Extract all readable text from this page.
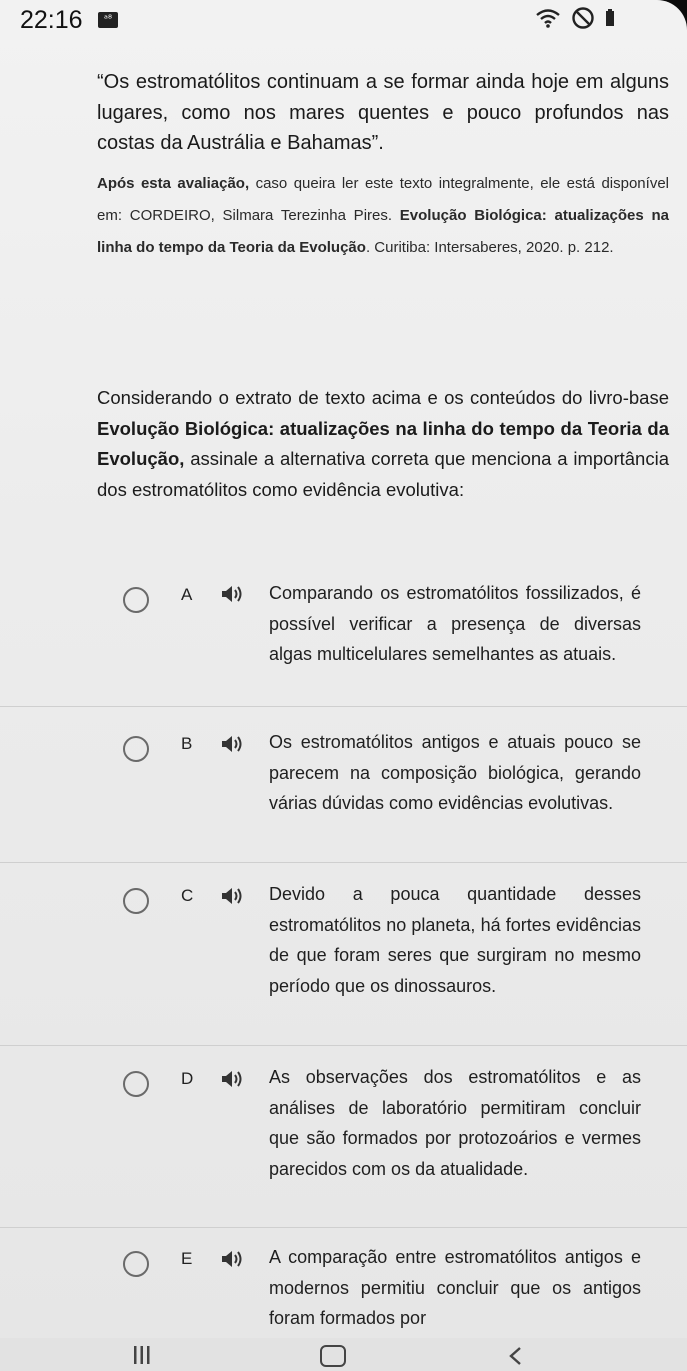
22:16	ᵃ⁸
“Os estromatólitos continuam a se formar ainda hoje em alguns lugares, como nos mares quentes e pouco profundos nas costas da Austrália e Bahamas”.
Após esta avaliação, caso queira ler este texto integralmente, ele está disponível em: CORDEIRO, Silmara Terezinha Pires. Evolução Biológica: atualizações na linha do tempo da Teoria da Evolução. Curitiba: Intersaberes, 2020. p. 212.
Considerando o extrato de texto acima e os conteúdos do livro-base Evolução Biológica: atualizações na linha do tempo da Teoria da Evolução, assinale a alternativa correta que menciona a importância dos estromatólitos como evidência evolutiva:
A	Comparando os estromatólitos fossilizados, é possível verificar a presença de diversas algas multicelulares semelhantes as atuais.
B	Os estromatólitos antigos e atuais pouco se parecem na composição biológica, gerando várias dúvidas como evidências evolutivas.
C	Devido a pouca quantidade desses estromatólitos no planeta, há fortes evidências de que foram seres que surgiram no mesmo período que os dinossauros.
D	As observações dos estromatólitos e as análises de laboratório permitiram concluir que são formados por protozoários e vermes parecidos com os da atualidade.
E	A comparação entre estromatólitos antigos e modernos permitiu concluir que os antigos foram formados por
